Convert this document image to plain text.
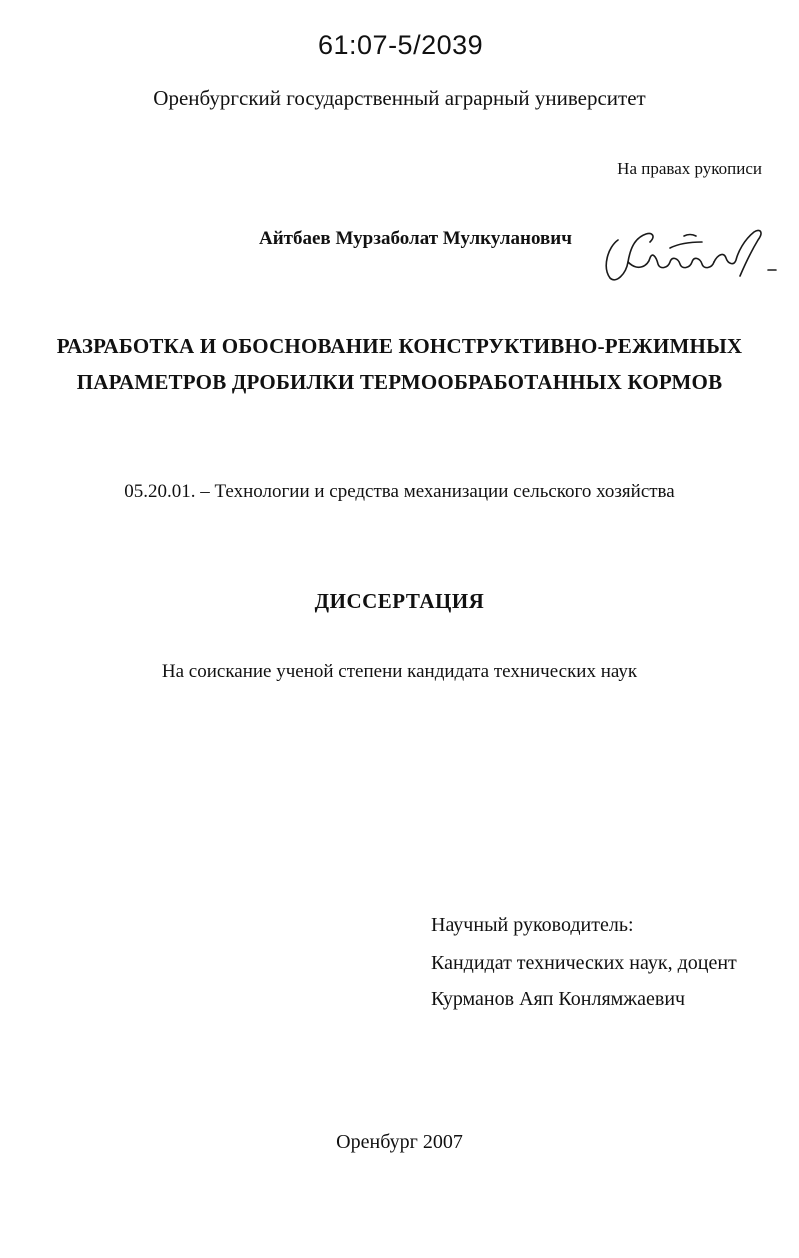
61:07-5/2039
Оренбургский государственный аграрный университет
На правах рукописи
Айтбаев Мурзаболат Мулкуланович
РАЗРАБОТКА И ОБОСНОВАНИЕ КОНСТРУКТИВНО-РЕЖИМНЫХ
ПАРАМЕТРОВ ДРОБИЛКИ ТЕРМООБРАБОТАННЫХ КОРМОВ
05.20.01. – Технологии и средства механизации сельского хозяйства
ДИССЕРТАЦИЯ
На соискание ученой степени кандидата технических наук
Научный руководитель:
Кандидат технических наук, доцент
Курманов Аяп Конлямжаевич
Оренбург 2007
